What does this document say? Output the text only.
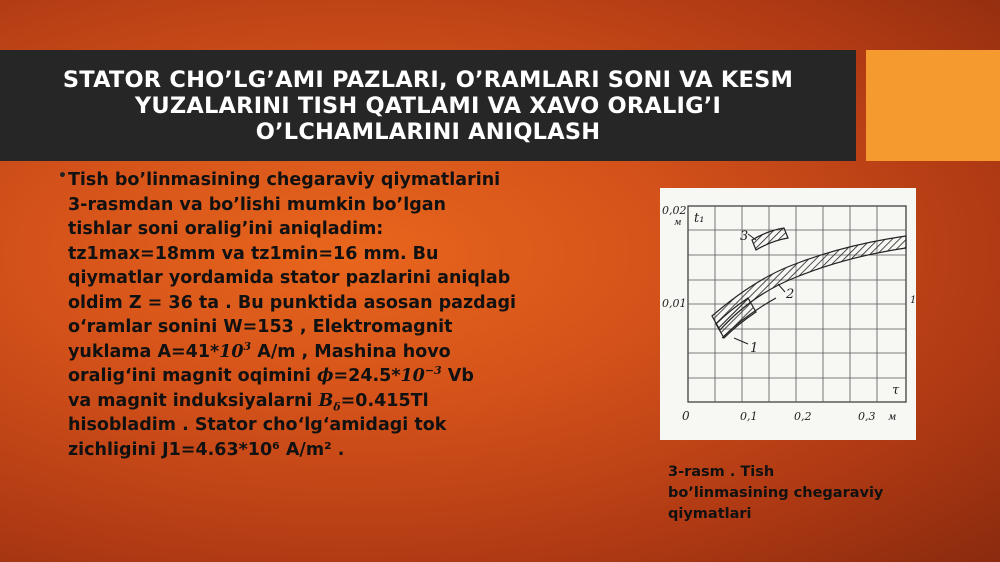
STATOR CHO’LG’AMI PAZLARI, O’RAMLARI SONI VA KESM
YUZALARINI TISH QATLAMI VA XAVO ORALIG’I
O’LCHAMLARINI ANIQLASH
• Tish bo’linmasining chegaraviy qiymatlarini
3-rasmdan va bo’lishi mumkin bo’lgan
tishlar soni oralig’ini aniqladim:
tz1max=18mm va tz1min=16 mm. Bu
qiymatlar yordamida stator pazlarini aniqlab
oldim Z = 36 ta . Bu punktida asosan pazdagi
o‘ramlar sonini W=153 , Elektromagnit
yuklama $A=41*10^3$ A/m , Mashina hovo
oralig‘ini magnit oqimini $\phi=24.5*10^{-3}$ Vb
va magnit induksiyalarni $B_\delta=0.415Tl$
hisobladim . Stator cho‘lg‘amidagi tok
zichligini J1=4.63*10⁶ A/m² .
0,02
м t₁
0,01
0	0,1	0,2	0,3 м
τ
1
2
3
1
3-rasm . Tish
bo’linmasining chegaraviy
qiymatlari
